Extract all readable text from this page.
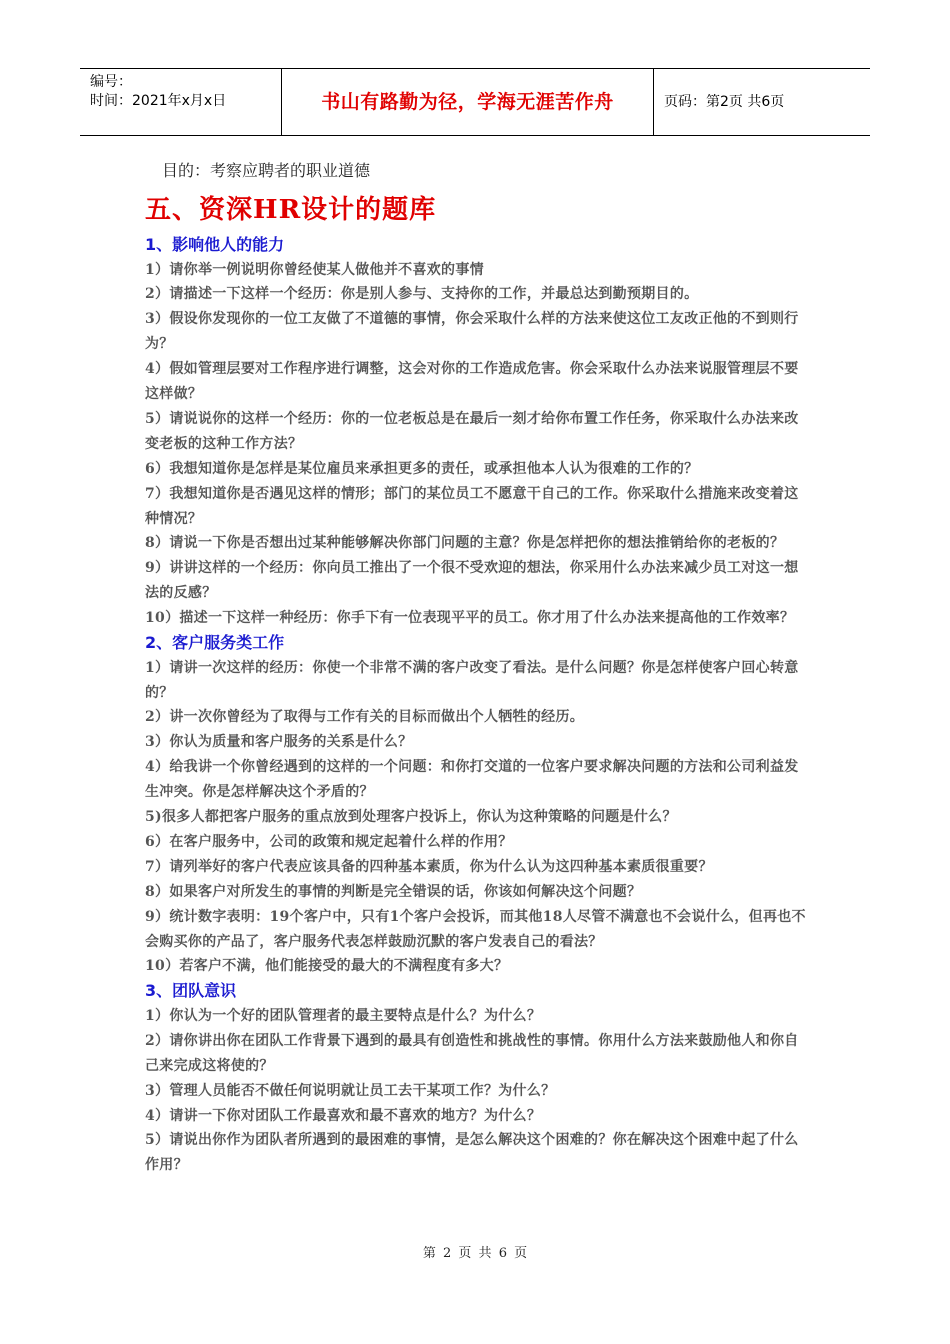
编号：
时间：2021年x月x日	书山有路勤为径，学海无涯苦作舟	页码：第2页 共6页
目的：考察应聘者的职业道德
五、资深HR设计的题库

1、影响他人的能力

1）请你举一例说明你曾经使某人做他并不喜欢的事情

2）请描述一下这样一个经历：你是别人参与、支持你的工作，并最总达到勤预期目的。

3）假设你发现你的一位工友做了不道德的事情，你会采取什么样的方法来使这位工友改正他的不到则行为？

4）假如管理层要对工作程序进行调整，这会对你的工作造成危害。你会采取什么办法来说服管理层不要这样做？

5）请说说你的这样一个经历：你的一位老板总是在最后一刻才给你布置工作任务，你采取什么办法来改变老板的这种工作方法？

6）我想知道你是怎样是某位雇员来承担更多的责任，或承担他本人认为很难的工作的？

7）我想知道你是否遇见这样的情形；部门的某位员工不愿意干自己的工作。你采取什么措施来改变着这种情况？

8）请说一下你是否想出过某种能够解决你部门问题的主意？你是怎样把你的想法推销给你的老板的？

9）讲讲这样的一个经历：你向员工推出了一个很不受欢迎的想法，你采用什么办法来减少员工对这一想法的反感？

10）描述一下这样一种经历：你手下有一位表现平平的员工。你才用了什么办法来提高他的工作效率？

2、客户服务类工作

1）请讲一次这样的经历：你使一个非常不满的客户改变了看法。是什么问题？你是怎样使客户回心转意的？

2）讲一次你曾经为了取得与工作有关的目标而做出个人牺牲的经历。

3）你认为质量和客户服务的关系是什么？

4）给我讲一个你曾经遇到的这样的一个问题：和你打交道的一位客户要求解决问题的方法和公司利益发生冲突。你是怎样解决这个矛盾的？

5)很多人都把客户服务的重点放到处理客户投诉上，你认为这种策略的问题是什么？

6）在客户服务中，公司的政策和规定起着什么样的作用？

7）请列举好的客户代表应该具备的四种基本素质，你为什么认为这四种基本素质很重要？

8）如果客户对所发生的事情的判断是完全错误的话，你该如何解决这个问题？

9）统计数字表明：19个客户中，只有1个客户会投诉，而其他18人尽管不满意也不会说什么，但再也不会购买你的产品了，客户服务代表怎样鼓励沉默的客户发表自己的看法？

10）若客户不满，他们能接受的最大的不满程度有多大？

3、团队意识

1）你认为一个好的团队管理者的最主要特点是什么？为什么？

2）请你讲出你在团队工作背景下遇到的最具有创造性和挑战性的事情。你用什么方法来鼓励他人和你自己来完成这将使的？

3）管理人员能否不做任何说明就让员工去干某项工作？为什么？

4）请讲一下你对团队工作最喜欢和最不喜欢的地方？为什么？

5）请说出你作为团队者所遇到的最困难的事情，是怎么解决这个困难的？你在解决这个困难中起了什么作用？

第 2 页 共 6 页
